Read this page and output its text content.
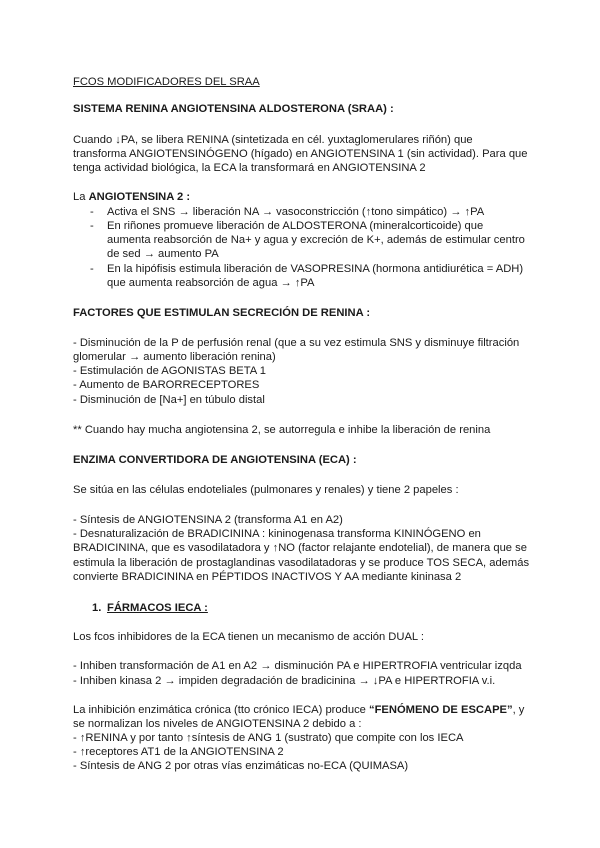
FCOS MODIFICADORES DEL SRAA
SISTEMA RENINA ANGIOTENSINA ALDOSTERONA (SRAA) :
Cuando ↓PA, se libera RENINA (sintetizada en cél. yuxtaglomerulares riñón) que
transforma ANGIOTENSINÓGENO (hígado) en ANGIOTENSINA 1 (sin actividad). Para que
tenga actividad biológica, la ECA la transformará en ANGIOTENSINA 2
La ANGIOTENSINA 2 :
- Activa el SNS → liberación NA → vasoconstricción (↑tono simpático) → ↑PA
- En riñones promueve liberación de ALDOSTERONA (mineralcorticoide) que
aumenta reabsorción de Na+ y agua y excreción de K+, además de estimular centro
de sed → aumento PA
- En la hipófisis estimula liberación de VASOPRESINA (hormona antidiurética = ADH)
que aumenta reabsorción de agua → ↑PA
FACTORES QUE ESTIMULAN SECRECIÓN DE RENINA :
- Disminución de la P de perfusión renal (que a su vez estimula SNS y disminuye filtración
glomerular → aumento liberación renina)
- Estimulación de AGONISTAS BETA 1
- Aumento de BARORRECEPTORES
- Disminución de [Na+] en túbulo distal
** Cuando hay mucha angiotensina 2, se autorregula e inhibe la liberación de renina
ENZIMA CONVERTIDORA DE ANGIOTENSINA (ECA) :
Se sitúa en las células endoteliales (pulmonares y renales) y tiene 2 papeles :
- Síntesis de ANGIOTENSINA 2 (transforma A1 en A2)
- Desnaturalización de BRADICININA : kininogenasa transforma KININÓGENO en
BRADICININA, que es vasodilatadora y ↑NO (factor relajante endotelial), de manera que se
estimula la liberación de prostaglandinas vasodilatadoras y se produce TOS SECA, además
convierte BRADICININA en PÉPTIDOS INACTIVOS Y AA mediante kininasa 2
1. FÁRMACOS IECA :
Los fcos inhibidores de la ECA tienen un mecanismo de acción DUAL :
- Inhiben transformación de A1 en A2 → disminución PA e HIPERTROFIA ventricular izqda
- Inhiben kinasa 2 → impiden degradación de bradicinina → ↓PA e HIPERTROFIA v.i.
La inhibición enzimática crónica (tto crónico IECA) produce “FENÓMENO DE ESCAPE”, y
se normalizan los niveles de ANGIOTENSINA 2 debido a :
- ↑RENINA y por tanto ↑síntesis de ANG 1 (sustrato) que compite con los IECA
- ↑receptores AT1 de la ANGIOTENSINA 2
- Síntesis de ANG 2 por otras vías enzimáticas no-ECA (QUIMASA)
